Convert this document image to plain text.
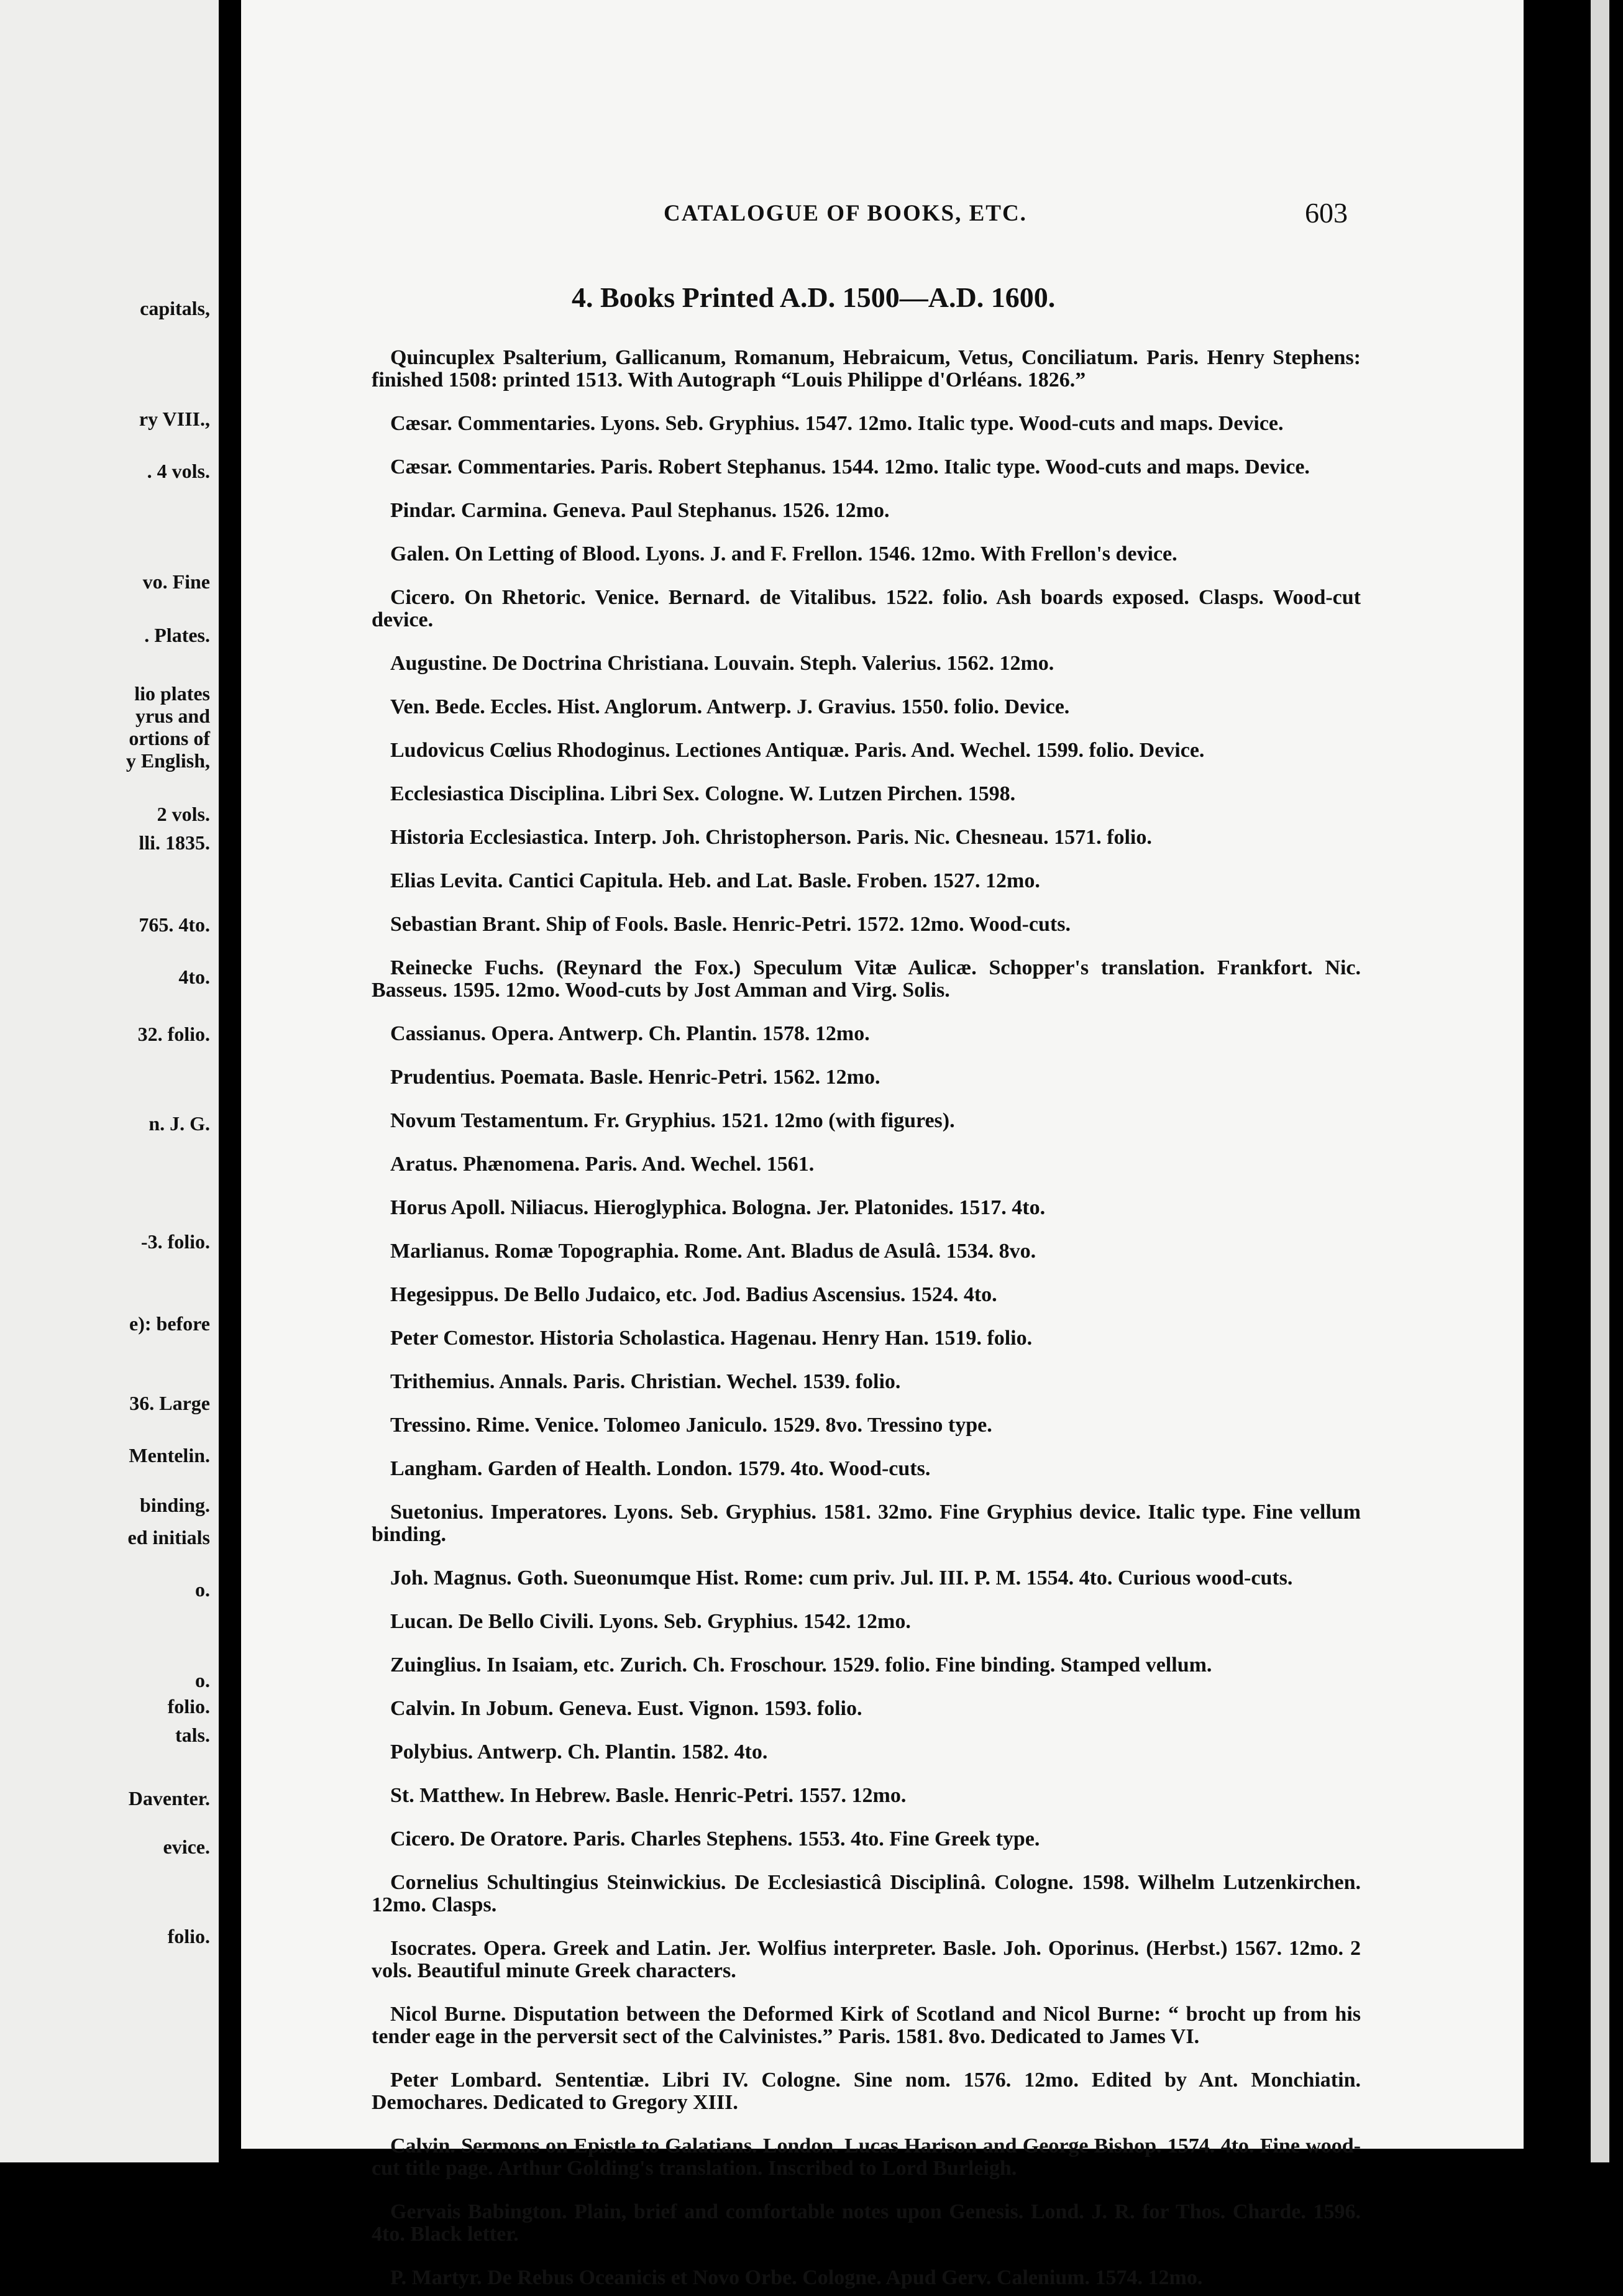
capitals,
ry VIII.,
. 4 vols.
vo. Fine
. Plates.
lio plates
yrus and
ortions of
y English,
2 vols.
lli. 1835.
765. 4to.
4to.
32. folio.
n. J. G.
-3. folio.
e): before
36. Large
Mentelin.
binding.
ed initials
o.
o.
folio.
tals.
Daventer.
evice.
folio.
CATALOGUE OF BOOKS, ETC.	603
4. Books Printed A.D. 1500—A.D. 1600.

Quincuplex Psalterium, Gallicanum, Romanum, Hebraicum, Vetus, Conciliatum. Paris. Henry Stephens: finished 1508: printed 1513. With Autograph “Louis Philippe d'Orléans. 1826.”

Cæsar. Commentaries. Lyons. Seb. Gryphius. 1547. 12mo. Italic type. Wood-cuts and maps. Device.

Cæsar. Commentaries. Paris. Robert Stephanus. 1544. 12mo. Italic type. Wood-cuts and maps. Device.

Pindar. Carmina. Geneva. Paul Stephanus. 1526. 12mo.

Galen. On Letting of Blood. Lyons. J. and F. Frellon. 1546. 12mo. With Frellon's device.

Cicero. On Rhetoric. Venice. Bernard. de Vitalibus. 1522. folio. Ash boards exposed. Clasps. Wood-cut device.

Augustine. De Doctrina Christiana. Louvain. Steph. Valerius. 1562. 12mo.

Ven. Bede. Eccles. Hist. Anglorum. Antwerp. J. Gravius. 1550. folio. Device.

Ludovicus Cœlius Rhodoginus. Lectiones Antiquæ. Paris. And. Wechel. 1599. folio. Device.

Ecclesiastica Disciplina. Libri Sex. Cologne. W. Lutzen Pirchen. 1598.

Historia Ecclesiastica. Interp. Joh. Christopherson. Paris. Nic. Chesneau. 1571. folio.

Elias Levita. Cantici Capitula. Heb. and Lat. Basle. Froben. 1527. 12mo.

Sebastian Brant. Ship of Fools. Basle. Henric-Petri. 1572. 12mo. Wood-cuts.

Reinecke Fuchs. (Reynard the Fox.) Speculum Vitæ Aulicæ. Schopper's translation. Frankfort. Nic. Basseus. 1595. 12mo. Wood-cuts by Jost Amman and Virg. Solis.

Cassianus. Opera. Antwerp. Ch. Plantin. 1578. 12mo.

Prudentius. Poemata. Basle. Henric-Petri. 1562. 12mo.

Novum Testamentum. Fr. Gryphius. 1521. 12mo (with figures).

Aratus. Phænomena. Paris. And. Wechel. 1561.

Horus Apoll. Niliacus. Hieroglyphica. Bologna. Jer. Platonides. 1517. 4to.

Marlianus. Romæ Topographia. Rome. Ant. Bladus de Asulâ. 1534. 8vo.

Hegesippus. De Bello Judaico, etc. Jod. Badius Ascensius. 1524. 4to.

Peter Comestor. Historia Scholastica. Hagenau. Henry Han. 1519. folio.

Trithemius. Annals. Paris. Christian. Wechel. 1539. folio.

Tressino. Rime. Venice. Tolomeo Janiculo. 1529. 8vo. Tressino type.

Langham. Garden of Health. London. 1579. 4to. Wood-cuts.

Suetonius. Imperatores. Lyons. Seb. Gryphius. 1581. 32mo. Fine Gryphius device. Italic type. Fine vellum binding.

Joh. Magnus. Goth. Sueonumque Hist. Rome: cum priv. Jul. III. P. M. 1554. 4to. Curious wood-cuts.

Lucan. De Bello Civili. Lyons. Seb. Gryphius. 1542. 12mo.

Zuinglius. In Isaiam, etc. Zurich. Ch. Froschour. 1529. folio. Fine binding. Stamped vellum.

Calvin. In Jobum. Geneva. Eust. Vignon. 1593. folio.

Polybius. Antwerp. Ch. Plantin. 1582. 4to.

St. Matthew. In Hebrew. Basle. Henric-Petri. 1557. 12mo.

Cicero. De Oratore. Paris. Charles Stephens. 1553. 4to. Fine Greek type.

Cornelius Schultingius Steinwickius. De Ecclesiasticâ Disciplinâ. Cologne. 1598. Wilhelm Lutzenkirchen. 12mo. Clasps.

Isocrates. Opera. Greek and Latin. Jer. Wolfius interpreter. Basle. Joh. Oporinus. (Herbst.) 1567. 12mo. 2 vols. Beautiful minute Greek characters.

Nicol Burne. Disputation between the Deformed Kirk of Scotland and Nicol Burne: “ brocht up from his tender eage in the perversit sect of the Calvinistes.” Paris. 1581. 8vo. Dedicated to James VI.

Peter Lombard. Sententiæ. Libri IV. Cologne. Sine nom. 1576. 12mo. Edited by Ant. Monchiatin. Demochares. Dedicated to Gregory XIII.

Calvin. Sermons on Epistle to Galatians. London. Lucas Harison and George Bishop. 1574. 4to. Fine wood-cut title page. Arthur Golding's translation. Inscribed to Lord Burleigh.

Gervais Babington. Plain, brief and comfortable notes upon Genesis. Lond. J. R. for Thos. Charde. 1596. 4to. Black letter.

P. Martyr. De Rebus Oceanicis et Novo Orbe. Cologne. Apud Gerv. Calenium. 1574. 12mo.
